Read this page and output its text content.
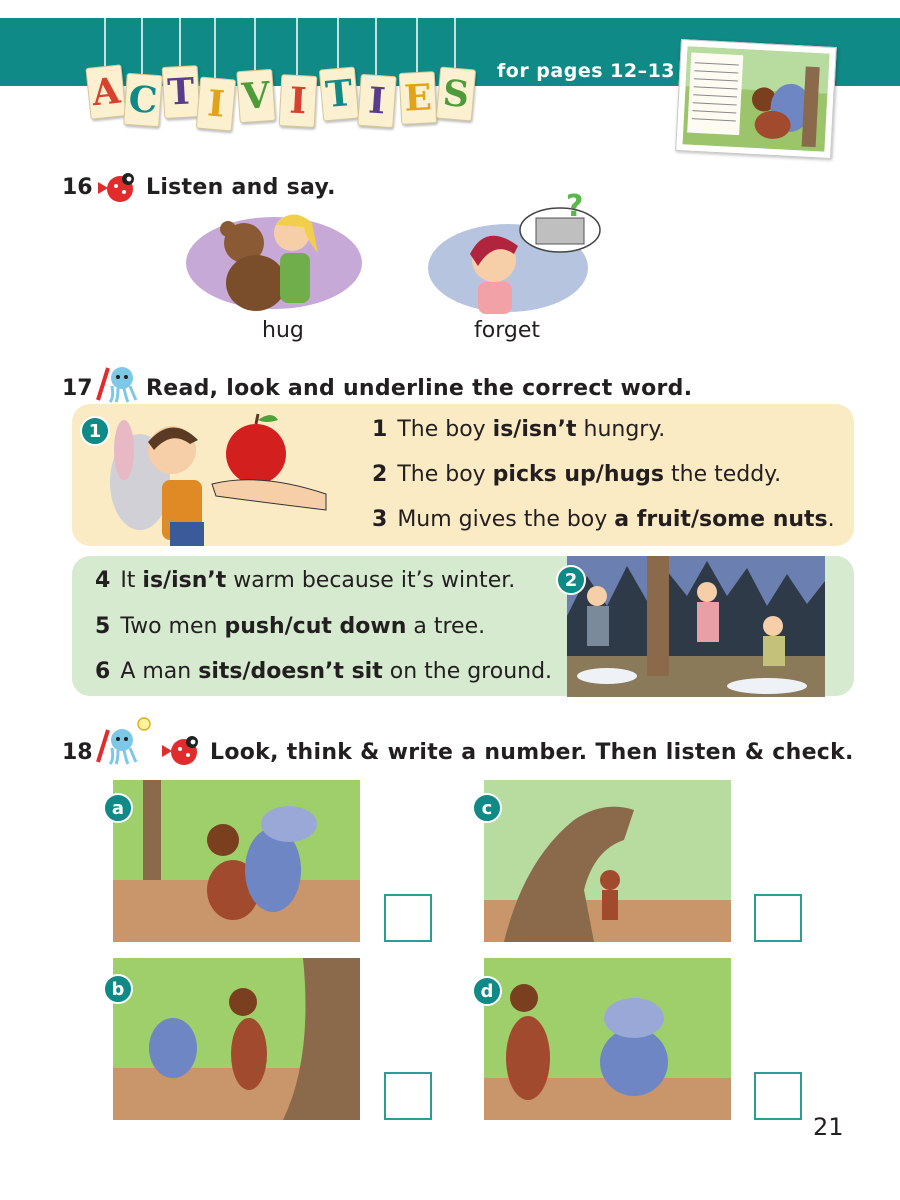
A C T I V I T I E S
for pages 12–13
16 Listen and say.
hug
?
forget
17 Read, look and underline the correct word.
1	1 The boy is/isn’t hungry.
2 The boy picks up/hugs the teddy.
3 Mum gives the boy a fruit/some nuts.
4 It is/isn’t warm because it’s winter.
5 Two men push/cut down a tree.
6 A man sits/doesn’t sit on the ground.
2
18	Look, think & write a number. Then listen & check.
a	c
b	d
21
